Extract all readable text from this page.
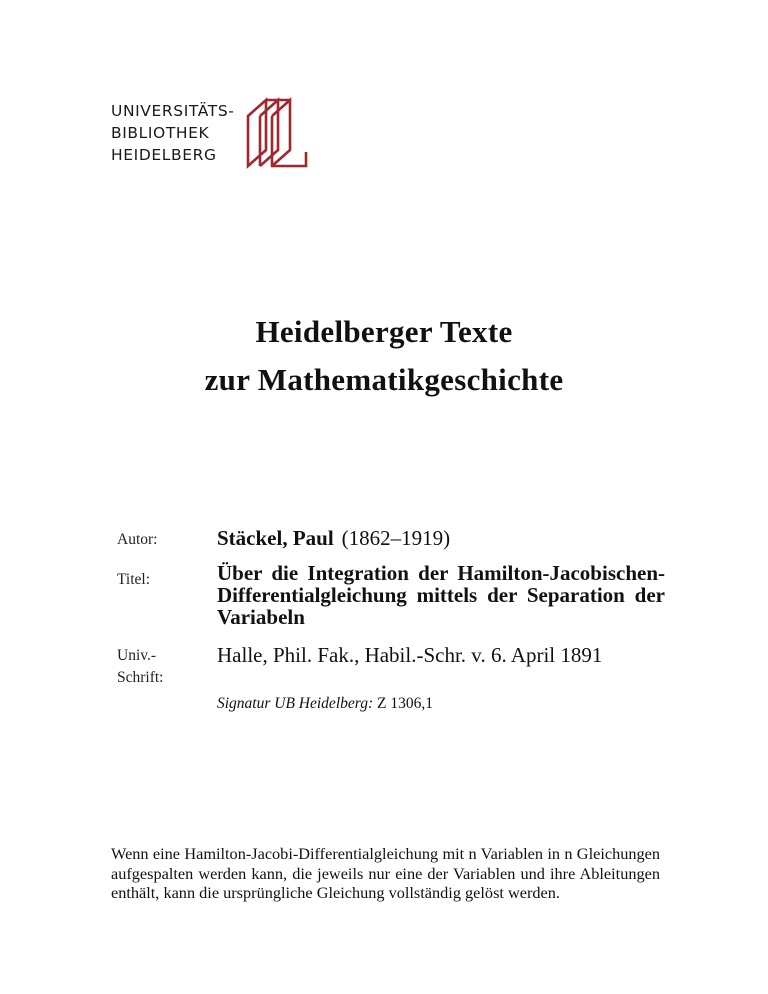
UNIVERSITÄTS-
BIBLIOTHEK
HEIDELBERG
Heidelberger Texte
zur Mathematikgeschichte
Autor:	Stäckel, Paul (1862–1919)
Titel:	Über die Integration der Hamilton-Jacobischen-Differentialgleichung mittels der Separation der Variabeln
Univ.-
Schrift:
Halle, Phil. Fak., Habil.-Schr. v. 6. April 1891
Signatur UB Heidelberg: Z 1306,1
Wenn eine Hamilton-Jacobi-Differentialgleichung mit n Variablen in n Gleichungen aufgespalten werden kann, die jeweils nur eine der Variablen und ihre Ableitungen enthält, kann die ursprüngliche Gleichung vollständig gelöst werden.
